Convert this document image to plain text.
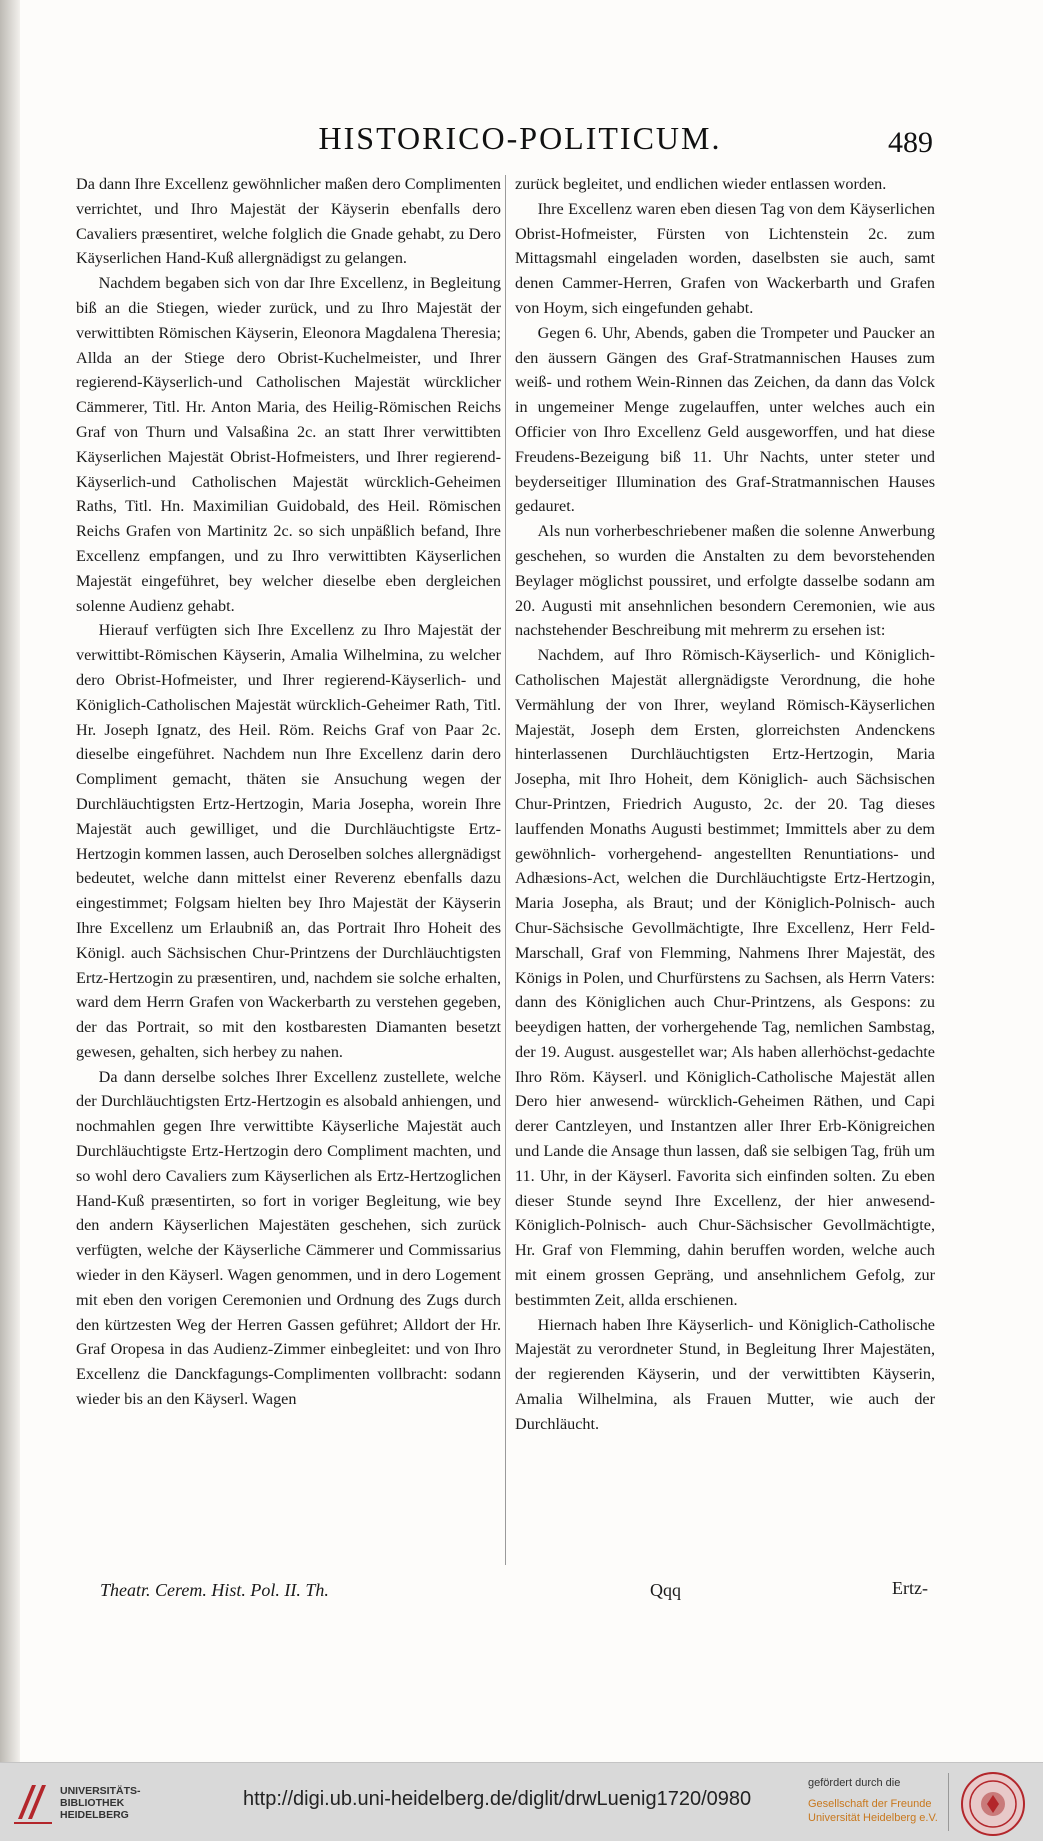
HISTORICO-POLITICUM.	489

Da dann Ihre Excellenz gewöhnlicher maßen dero Complimenten verrichtet, und Ihro Majestät der Käyserin ebenfalls dero Cavaliers præsentiret, welche folglich die Gnade gehabt, zu Dero Käyserlichen Hand-Kuß allergnädigst zu gelangen.

Nachdem begaben sich von dar Ihre Excellenz, in Begleitung biß an die Stiegen, wieder zurück, und zu Ihro Majestät der verwittibten Römischen Käyserin, Eleonora Magdalena Theresia; Allda an der Stiege dero Obrist-Kuchelmeister, und Ihrer regierend-Käyserlich-und Catholischen Majestät würcklicher Cämmerer, Titl. Hr. Anton Maria, des Heilig-Römischen Reichs Graf von Thurn und Valsaßina 2c. an statt Ihrer verwittibten Käyserlichen Majestät Obrist-Hofmeisters, und Ihrer regierend-Käyserlich-und Catholischen Majestät würcklich-Geheimen Raths, Titl. Hn. Maximilian Guidobald, des Heil. Römischen Reichs Grafen von Martinitz 2c. so sich unpäßlich befand, Ihre Excellenz empfangen, und zu Ihro verwittibten Käyserlichen Majestät eingeführet, bey welcher dieselbe eben dergleichen solenne Audienz gehabt.

Hierauf verfügten sich Ihre Excellenz zu Ihro Majestät der verwittibt-Römischen Käyserin, Amalia Wilhelmina, zu welcher dero Obrist-Hofmeister, und Ihrer regierend-Käyserlich- und Königlich-Catholischen Majestät würcklich-Geheimer Rath, Titl. Hr. Joseph Ignatz, des Heil. Röm. Reichs Graf von Paar 2c. dieselbe eingeführet. Nachdem nun Ihre Excellenz darin dero Compliment gemacht, thäten sie Ansuchung wegen der Durchläuchtigsten Ertz-Hertzogin, Maria Josepha, worein Ihre Majestät auch gewilliget, und die Durchläuchtigste Ertz-Hertzogin kommen lassen, auch Deroselben solches allergnädigst bedeutet, welche dann mittelst einer Reverenz ebenfalls dazu eingestimmet; Folgsam hielten bey Ihro Majestät der Käyserin Ihre Excellenz um Erlaubniß an, das Portrait Ihro Hoheit des Königl. auch Sächsischen Chur-Printzens der Durchläuchtigsten Ertz-Hertzogin zu præsentiren, und, nachdem sie solche erhalten, ward dem Herrn Grafen von Wackerbarth zu verstehen gegeben, der das Portrait, so mit den kostbaresten Diamanten besetzt gewesen, gehalten, sich herbey zu nahen.

Da dann derselbe solches Ihrer Excellenz zustellete, welche der Durchläuchtigsten Ertz-Hertzogin es alsobald anhiengen, und nochmahlen gegen Ihre verwittibte Käyserliche Majestät auch Durchläuchtigste Ertz-Hertzogin dero Compliment machten, und so wohl dero Cavaliers zum Käyserlichen als Ertz-Hertzoglichen Hand-Kuß præsentirten, so fort in voriger Begleitung, wie bey den andern Käyserlichen Majestäten geschehen, sich zurück verfügten, welche der Käyserliche Cämmerer und Commissarius wieder in den Käyserl. Wagen genommen, und in dero Logement mit eben den vorigen Ceremonien und Ordnung des Zugs durch den kürtzesten Weg der Herren Gassen geführet; Alldort der Hr. Graf Oropesa in das Audienz-Zimmer einbegleitet: und von Ihro Excellenz die Danckfagungs-Complimenten vollbracht: sodann wieder bis an den Käyserl. Wagen

zurück begleitet, und endlichen wieder entlassen worden.

Ihre Excellenz waren eben diesen Tag von dem Käyserlichen Obrist-Hofmeister, Fürsten von Lichtenstein 2c. zum Mittagsmahl eingeladen worden, daselbsten sie auch, samt denen Cammer-Herren, Grafen von Wackerbarth und Grafen von Hoym, sich eingefunden gehabt.

Gegen 6. Uhr, Abends, gaben die Trompeter und Paucker an den äussern Gängen des Graf-Stratmannischen Hauses zum weiß- und rothem Wein-Rinnen das Zeichen, da dann das Volck in ungemeiner Menge zugelauffen, unter welches auch ein Officier von Ihro Excellenz Geld ausgeworffen, und hat diese Freudens-Bezeigung biß 11. Uhr Nachts, unter steter und beyderseitiger Illumination des Graf-Stratmannischen Hauses gedauret.

Als nun vorherbeschriebener maßen die solenne Anwerbung geschehen, so wurden die Anstalten zu dem bevorstehenden Beylager möglichst poussiret, und erfolgte dasselbe sodann am 20. Augusti mit ansehnlichen besondern Ceremonien, wie aus nachstehender Beschreibung mit mehrerm zu ersehen ist:

Nachdem, auf Ihro Römisch-Käyserlich- und Königlich-Catholischen Majestät allergnädigste Verordnung, die hohe Vermählung der von Ihrer, weyland Römisch-Käyserlichen Majestät, Joseph dem Ersten, glorreichsten Andenckens hinterlassenen Durchläuchtigsten Ertz-Hertzogin, Maria Josepha, mit Ihro Hoheit, dem Königlich- auch Sächsischen Chur-Printzen, Friedrich Augusto, 2c. der 20. Tag dieses lauffenden Monaths Augusti bestimmet; Immittels aber zu dem gewöhnlich- vorhergehend- angestellten Renuntiations- und Adhæsions-Act, welchen die Durchläuchtigste Ertz-Hertzogin, Maria Josepha, als Braut; und der Königlich-Polnisch- auch Chur-Sächsische Gevollmächtigte, Ihre Excellenz, Herr Feld-Marschall, Graf von Flemming, Nahmens Ihrer Majestät, des Königs in Polen, und Churfürstens zu Sachsen, als Herrn Vaters: dann des Königlichen auch Chur-Printzens, als Gespons: zu beeydigen hatten, der vorhergehende Tag, nemlichen Sambstag, der 19. August. ausgestellet war; Als haben allerhöchst-gedachte Ihro Röm. Käyserl. und Königlich-Catholische Majestät allen Dero hier anwesend- würcklich-Geheimen Räthen, und Capi derer Cantzleyen, und Instantzen aller Ihrer Erb-Königreichen und Lande die Ansage thun lassen, daß sie selbigen Tag, früh um 11. Uhr, in der Käyserl. Favorita sich einfinden solten. Zu eben dieser Stunde seynd Ihre Excellenz, der hier anwesend-Königlich-Polnisch- auch Chur-Sächsischer Gevollmächtigte, Hr. Graf von Flemming, dahin beruffen worden, welche auch mit einem grossen Gepräng, und ansehnlichem Gefolg, zur bestimmten Zeit, allda erschienen.

Hiernach haben Ihre Käyserlich- und Königlich-Catholische Majestät zu verordneter Stund, in Begleitung Ihrer Majestäten, der regierenden Käyserin, und der verwittibten Käyserin, Amalia Wilhelmina, als Frauen Mutter, wie auch der Durchläucht.

Theatr. Cerem. Hist. Pol. II. Th.	Qqq	Ertz-
UNIVERSITÄTS-
BIBLIOTHEK
HEIDELBERG
http://digi.ub.uni-heidelberg.de/diglit/drwLuenig1720/0980
gefördert durch die
Gesellschaft der Freunde
Universität Heidelberg e.V.
